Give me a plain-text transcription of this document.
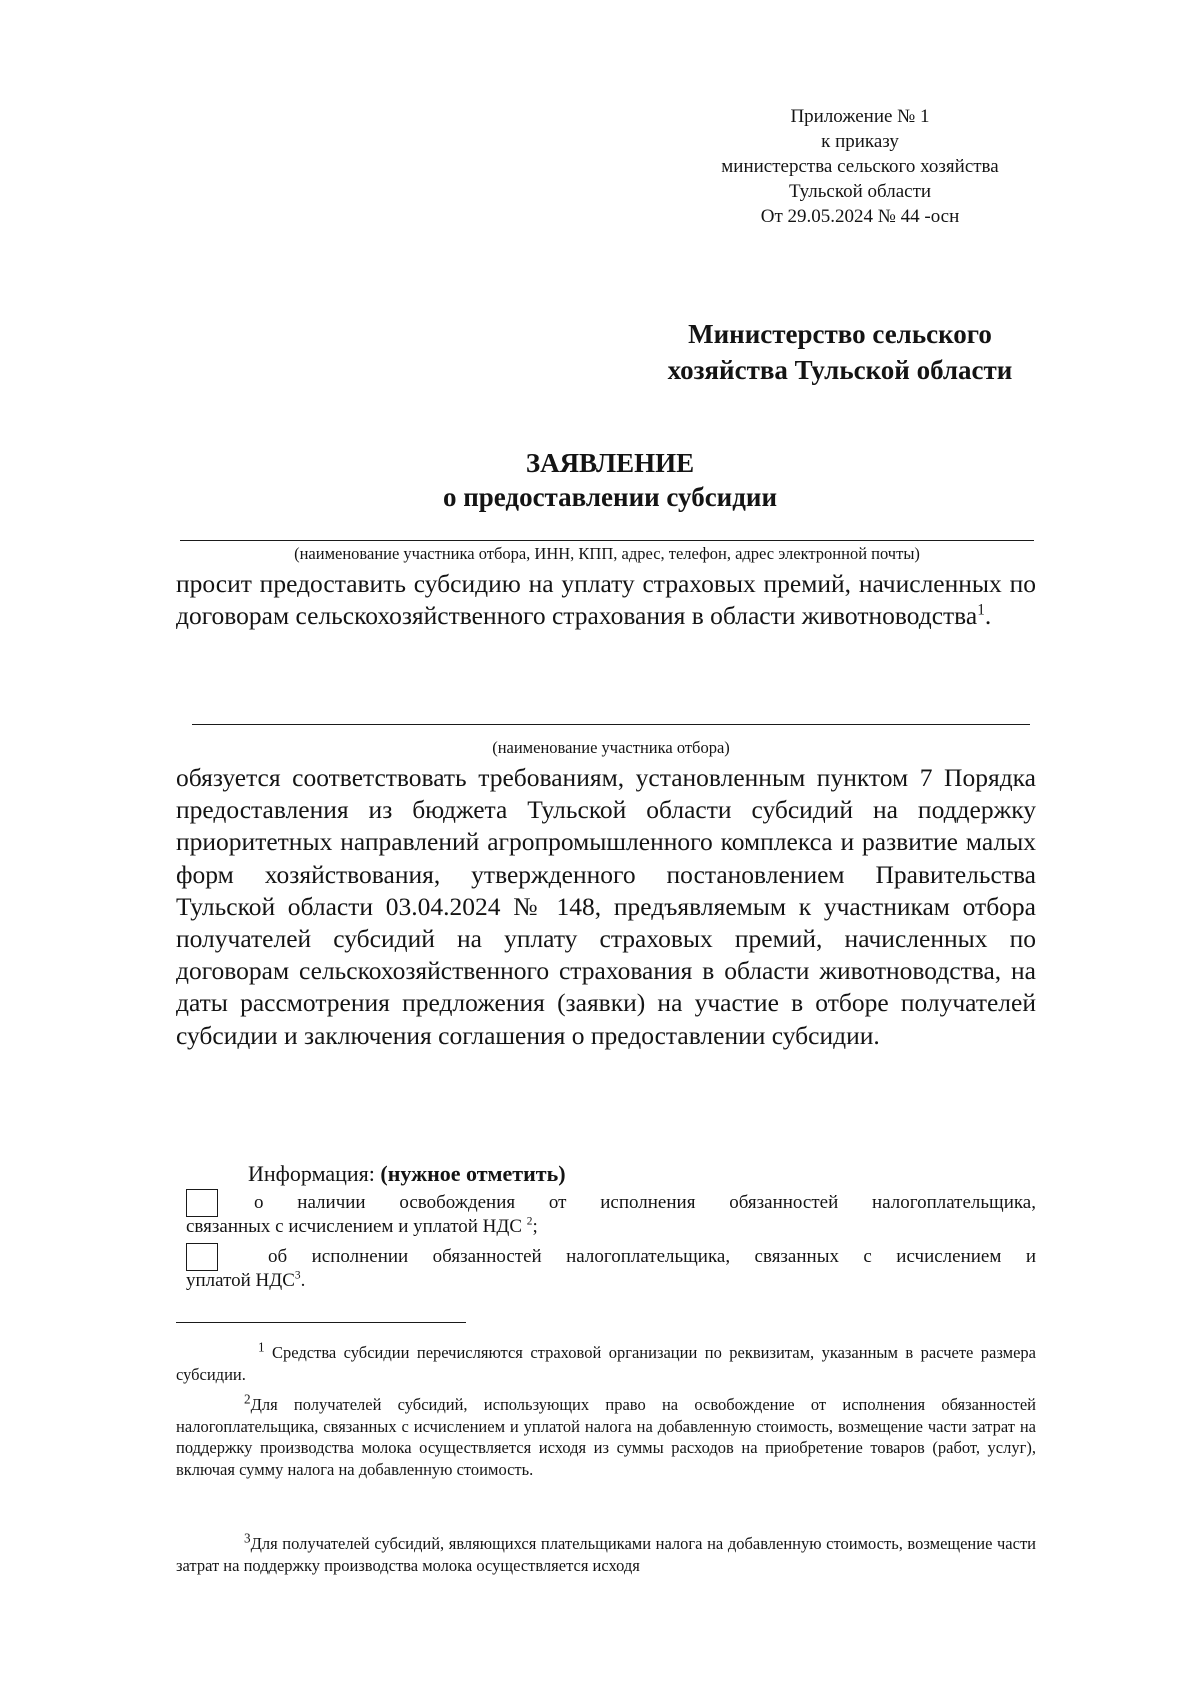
Приложение № 1
к приказу
министерства сельского хозяйства
Тульской области
От 29.05.2024 № 44 -осн
Министерство сельского
хозяйства Тульской области
ЗАЯВЛЕНИЕ
о предоставлении субсидии
(наименование участника отбора, ИНН, КПП, адрес, телефон, адрес электронной почты)
просит предоставить субсидию на уплату страховых премий, начисленных по договорам сельскохозяйственного страхования в области животноводства$^1$.
(наименование участника отбора)
обязуется соответствовать требованиям, установленным пунктом 7 Порядка предоставления из бюджета Тульской области субсидий на поддержку приоритетных направлений агропромышленного комплекса и развитие малых форм хозяйствования, утвержденного постановлением Правительства Тульской области 03.04.2024 № 148, предъявляемым к участникам отбора получателей субсидий на уплату страховых премий, начисленных по договорам сельскохозяйственного страхования в области животноводства, на даты рассмотрения предложения (заявки) на участие в отборе получателей субсидии и заключения соглашения о предоставлении субсидии.
Информация: (нужное отметить)
о наличии освобождения от исполнения обязанностей налогоплательщика,
связанных с исчислением и уплатой НДС $^2$;
об исполнении обязанностей налогоплательщика, связанных с исчислением и
уплатой НДС$^3$.
$^1$ Средства субсидии перечисляются страховой организации по реквизитам, указанным в расчете размера субсидии.
$^2$Для получателей субсидий, использующих право на освобождение от исполнения обязанностей налогоплательщика, связанных с исчислением и уплатой налога на добавленную стоимость, возмещение части затрат на поддержку производства молока осуществляется исходя из суммы расходов на приобретение товаров (работ, услуг), включая сумму налога на добавленную стоимость.
$^3$Для получателей субсидий, являющихся плательщиками налога на добавленную стоимость, возмещение части затрат на поддержку производства молока осуществляется исходя
